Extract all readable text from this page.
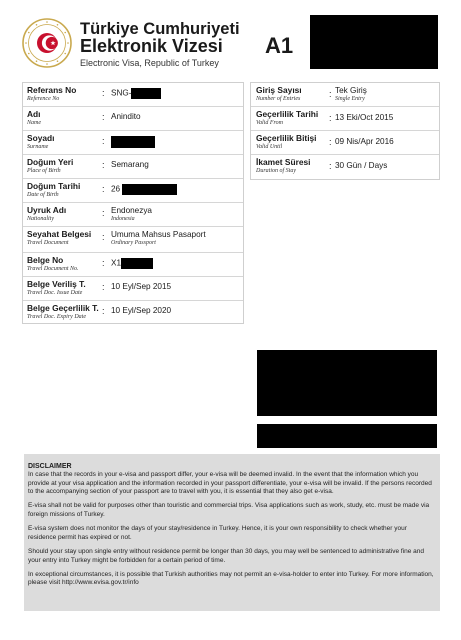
Türkiye Cumhuriyeti
Elektronik Vizesi
Electronic Visa, Republic of Turkey
A1
Referans No
Reference No
: SNG-
Adı
Name
: Anindito
Soyadı
Surname
:
Doğum Yeri
Place of Birth
: Semarang
Doğum Tarihi
Date of Birth
: 26
Uyruk Adı
Nationality
: Endonezya
Indonesia
Seyahat Belgesi
Travel Document
: Umuma Mahsus Pasaport
Ordinary Passport
Belge No
Travel Document No.
: X1
Belge Veriliş T.
Travel Doc. Issue Date
: 10 Eyl/Sep 2015
Belge Geçerlilik T.
Travel Doc. Expiry Date
: 10 Eyl/Sep 2020
Giriş Sayısı
Number of Entries	: Tek Giriş
Single Entry
Geçerlilik Tarihi
Valid From	: 13 Eki/Oct 2015
Geçerlilik Bitişi
Valid Until	: 09 Nis/Apr 2016
İkamet Süresi
Duration of Stay	: 30 Gün / Days
DISCLAIMER

In case that the records in your e-visa and passport differ, your e-visa will be deemed invalid. In the event that the information which you provide at your visa application and the information recorded in your passport differentiate, your e-visa will be invalid. If the persons recorded to the accompanying section of your passport are to travel with you, it is essential that they also get e-visa.

E-visa shall not be valid for purposes other than touristic and commercial trips. Visa applications such as work, study, etc. must be made via foreign missions of Turkey.

E-visa system does not monitor the days of your stay/residence in Turkey. Hence, it is your own responsibility to check whether your residence permit has expired or not.

Should your stay upon single entry without residence permit be longer than 30 days, you may well be sentenced to administrative fine and your entry into Turkey might be forbidden for a certain period of time.

In exceptional circumstances, it is possible that Turkish authorities may not permit an e-visa-holder to enter into Turkey. For more information, please visit http://www.evisa.gov.tr/info
